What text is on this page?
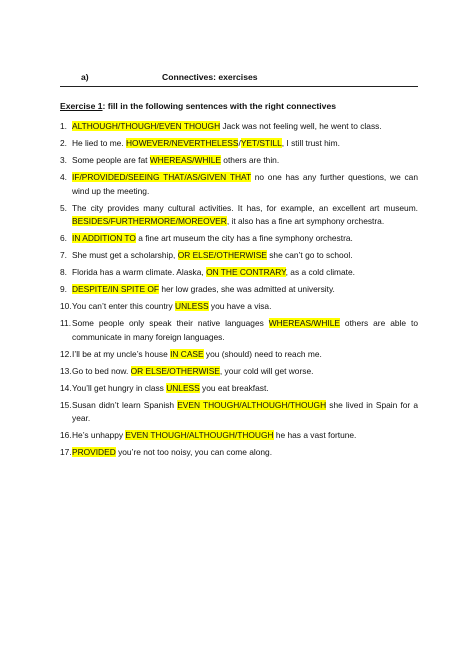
a)	Connectives: exercises
Exercise 1: fill in the following sentences with the right connectives
1. ALTHOUGH/THOUGH/EVEN THOUGH Jack was not feeling well, he went to class.
2. He lied to me. HOWEVER/NEVERTHELESS/YET/STILL, I still trust him.
3. Some people are fat WHEREAS/WHILE others are thin.
4. IF/PROVIDED/SEEING THAT/AS/GIVEN THAT no one has any further questions, we can wind up the meeting.
5. The city provides many cultural activities. It has, for example, an excellent art museum. BESIDES/FURTHERMORE/MOREOVER, it also has a fine art symphony orchestra.
6. IN ADDITION TO a fine art museum the city has a fine symphony orchestra.
7. She must get a scholarship, OR ELSE/OTHERWISE she can’t go to school.
8. Florida has a warm climate. Alaska, ON THE CONTRARY, as a cold climate.
9. DESPITE/IN SPITE OF her low grades, she was admitted at university.
10. You can’t enter this country UNLESS you have a visa.
11. Some people only speak their native languages WHEREAS/WHILE others are able to communicate in many foreign languages.
12. I’ll be at my uncle’s house IN CASE you (should) need to reach me.
13. Go to bed now. OR ELSE/OTHERWISE, your cold will get worse.
14. You’ll get hungry in class UNLESS you eat breakfast.
15. Susan didn’t learn Spanish EVEN THOUGH/ALTHOUGH/THOUGH she lived in Spain for a year.
16. He’s unhappy EVEN THOUGH/ALTHOUGH/THOUGH he has a vast fortune.
17. PROVIDED you’re not too noisy, you can come along.
